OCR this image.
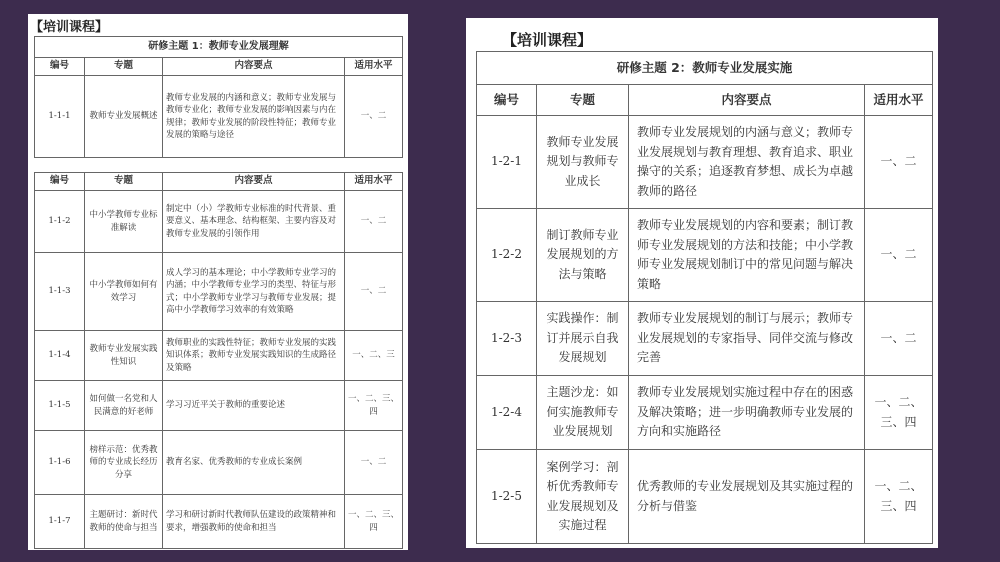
【培训课程】
研修主题 1：教师专业发展理解			
编号	专题	内容要点	适用水平
1-1-1	教师专业发展概述	教师专业发展的内涵和意义；教师专业发展与教师专业化；教师专业发展的影响因素与内在规律；教师专业发展的阶段性特征；教师专业发展的策略与途径	一、二
编号	专题	内容要点	适用水平
1-1-2	中小学教师专业标准解读	制定中（小）学教师专业标准的时代背景、重要意义、基本理念、结构框架、主要内容及对教师专业发展的引领作用	一、二
1-1-3	中小学教师如何有效学习	成人学习的基本理论；中小学教师专业学习的内涵；中小学教师专业学习的类型、特征与形式；中小学教师专业学习与教师专业发展；提高中小学教师学习效率的有效策略	一、二
1-1-4	教师专业发展实践性知识	教师职业的实践性特征；教师专业发展的实践知识体系；教师专业发展实践知识的生成路径及策略	一、二、三
1-1-5	如何做一名党和人民满意的好老师	学习习近平关于教师的重要论述	一、二、三、四
1-1-6	榜样示范：优秀教师的专业成长经历分享	教育名家、优秀教师的专业成长案例	一、二
1-1-7	主题研讨：新时代教师的使命与担当	学习和研讨新时代教师队伍建设的政策精神和要求，增强教师的使命和担当	一、二、三、四
【培训课程】
研修主题 2：教师专业发展实施			
编号	专题	内容要点	适用水平
1-2-1	教师专业发展规划与教师专业成长	教师专业发展规划的内涵与意义；教师专业发展规划与教育理想、教育追求、职业操守的关系；追逐教育梦想、成长为卓越教师的路径	一、二
1-2-2	制订教师专业发展规划的方法与策略	教师专业发展规划的内容和要素；制订教师专业发展规划的方法和技能；中小学教师专业发展规划制订中的常见问题与解决策略	一、二
1-2-3	实践操作：制订并展示自我发展规划	教师专业发展规划的制订与展示；教师专业发展规划的专家指导、同伴交流与修改完善	一、二
1-2-4	主题沙龙：如何实施教师专业发展规划	教师专业发展规划实施过程中存在的困惑及解决策略；进一步明确教师专业发展的方向和实施路径	一、二、三、四
1-2-5	案例学习：剖析优秀教师专业发展规划及实施过程	优秀教师的专业发展规划及其实施过程的分析与借鉴	一、二、三、四
